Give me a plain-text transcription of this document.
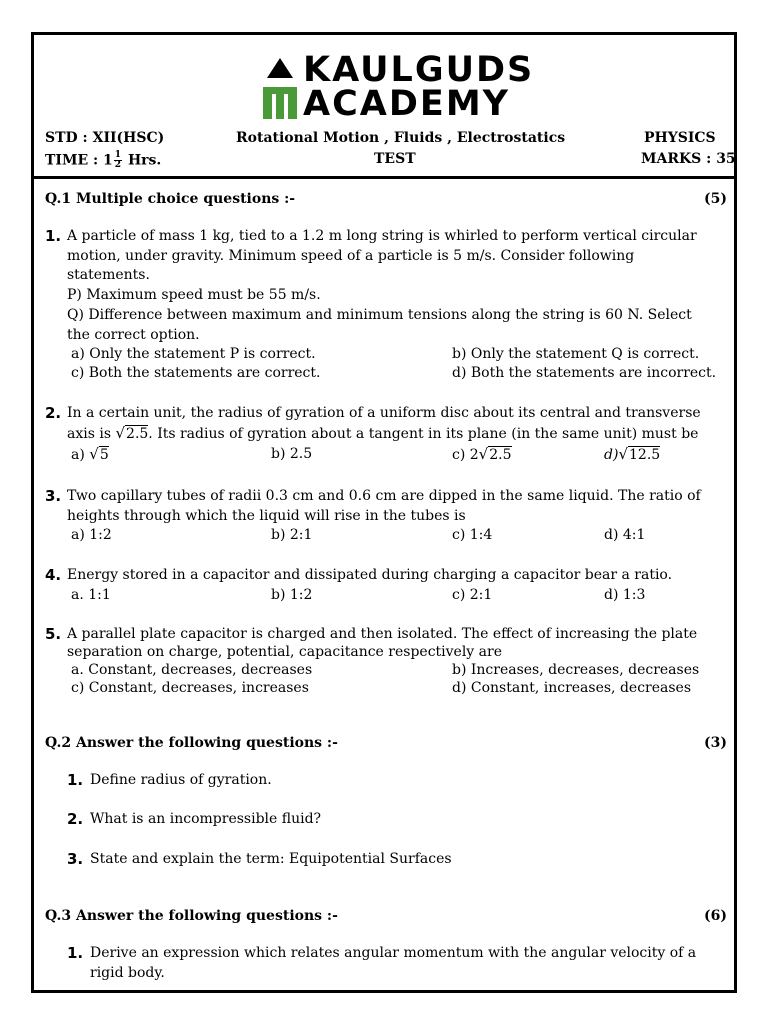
KAULGUDS
ACADEMY
STD : XII(HSC)	Rotational Motion , Fluids , Electrostatics	PHYSICS
TIME : $1 \frac{1}{2}$ Hrs.	TEST	MARKS : 35
Q.1 Multiple choice questions :-	(5)
1. A particle of mass 1 kg, tied to a 1.2 m long string is whirled to perform vertical circular motion, under gravity. Minimum speed of a particle is 5 m/s. Consider following statements.
P) Maximum speed must be 55 m/s.
Q) Difference between maximum and minimum tensions along the string is 60 N. Select the correct option.
a) Only the statement P is correct.	b) Only the statement Q is correct.
c) Both the statements are correct.	d) Both the statements are incorrect.
2. In a certain unit, the radius of gyration of a uniform disc about its central and transverse
axis is √2.5. Its radius of gyration about a tangent in its plane (in the same unit) must be
a) √5	b) 2.5	c) 2√2.5	d)√12.5
3. Two capillary tubes of radii 0.3 cm and 0.6 cm are dipped in the same liquid. The ratio of heights through which the liquid will rise in the tubes is
a) 1:2	b) 2:1	c) 1:4	d) 4:1
4. Energy stored in a capacitor and dissipated during charging a capacitor bear a ratio.
a. 1:1	b) 1:2	c) 2:1	d) 1:3
5. A parallel plate capacitor is charged and then isolated. The effect of increasing the plate separation on charge, potential, capacitance respectively are
a. Constant, decreases, decreases	b) Increases, decreases, decreases
c) Constant, decreases, increases	d) Constant, increases, decreases
Q.2 Answer the following questions :-	(3)
1. Define radius of gyration.
2. What is an incompressible fluid?
3. State and explain the term: Equipotential Surfaces
Q.3 Answer the following questions :-	(6)
1. Derive an expression which relates angular momentum with the angular velocity of a rigid body.
